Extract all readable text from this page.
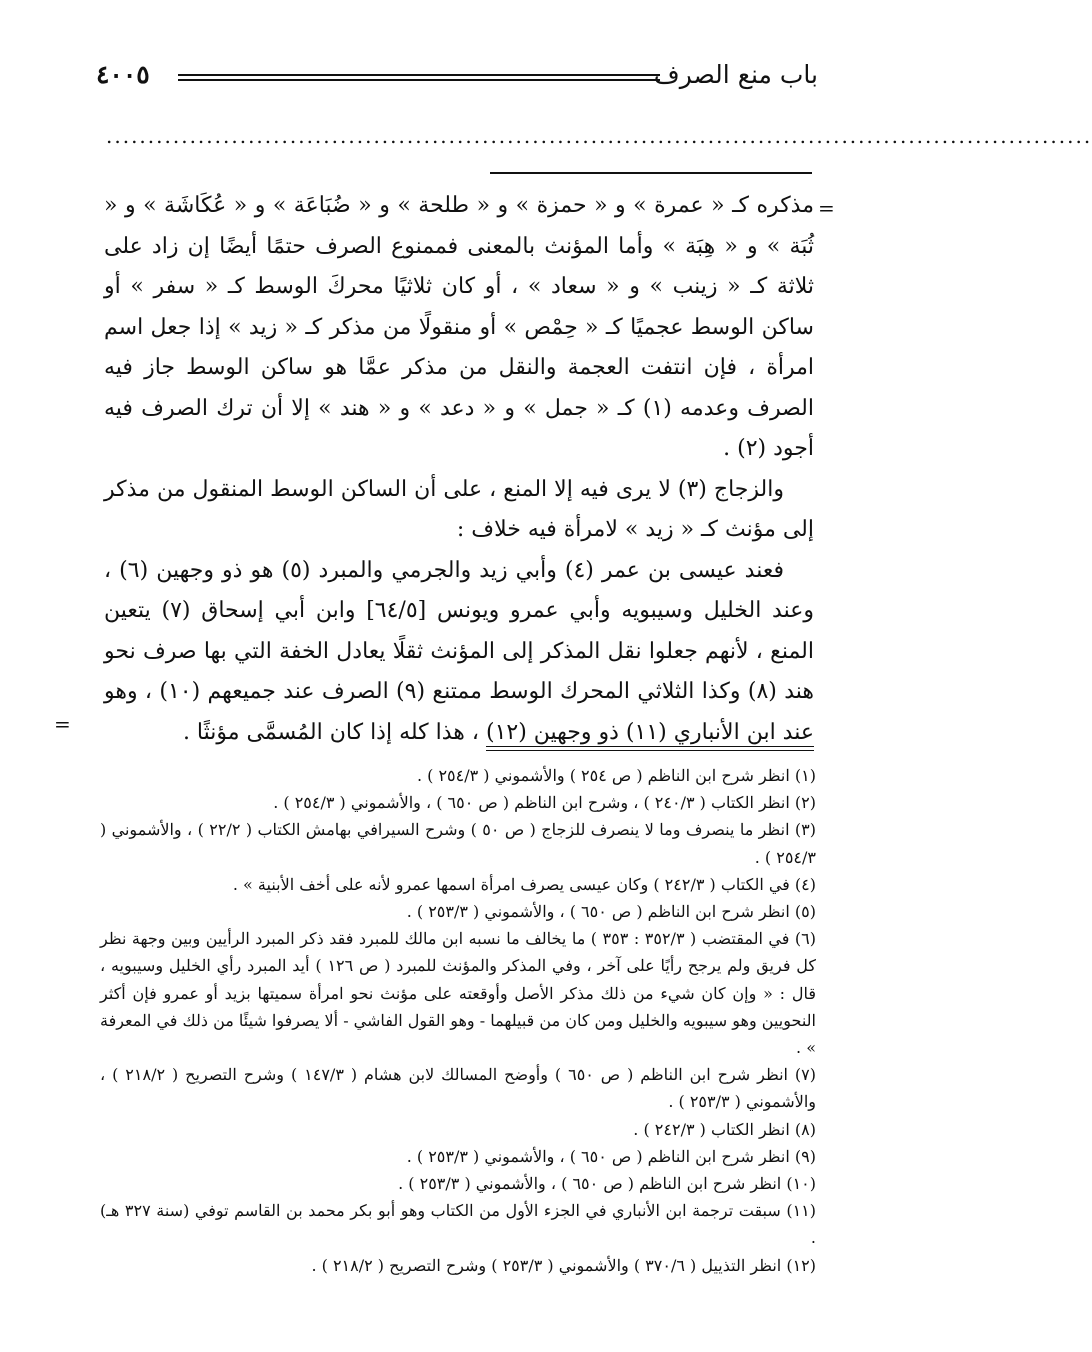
باب منع الصرف
٤٠٠٥
......................................................................................................................
=
=

مذكره كـ « عمرة » و « حمزة » و « طلحة » و « ضُبَاعَة » و « عُكَاشَة » و « ثُبَة » و « هِبَة » وأما المؤنث بالمعنى فممنوع الصرف حتمًا أيضًا إن زاد على ثلاثة كـ « زينب » و « سعاد » ، أو كان ثلاثيًا محركَ الوسط كـ « سفر » أو ساكن الوسط عجميًا كـ « حِمْص » أو منقولًا من مذكر كـ « زيد » إذا جعل اسم امرأة ، فإن انتفت العجمة والنقل من مذكر عمَّا هو ساكن الوسط جاز فيه الصرف وعدمه (١) كـ « جمل » و « دعد » و « هند » إلا أن ترك الصرف فيه أجود (٢) .

والزجاج (٣) لا يرى فيه إلا المنع ، على أن الساكن الوسط المنقول من مذكر إلى مؤنث كـ « زيد » لامرأة فيه خلاف :

فعند عيسى بن عمر (٤) وأبي زيد والجرمي والمبرد (٥) هو ذو وجهين (٦) ، وعند الخليل وسيبويه وأبي عمرو ويونس [٦٤/٥] وابن أبي إسحاق (٧) يتعين المنع ، لأنهم جعلوا نقل المذكر إلى المؤنث ثقلًا يعادل الخفة التي بها صرف نحو هند (٨) وكذا الثلاثي المحرك الوسط ممتنع (٩) الصرف عند جميعهم (١٠) ، وهو عند ابن الأنباري (١١) ذو وجهين (١٢) ، هذا كله إذا كان المُسمَّى مؤنثًا .

(١) انظر شرح ابن الناظم ( ص ٢٥٤ ) والأشموني ( ٢٥٤/٣ ) .

(٢) انظر الكتاب ( ٢٤٠/٣ ) ، وشرح ابن الناظم ( ص ٦٥٠ ) ، والأشموني ( ٢٥٤/٣ ) .

(٣) انظر ما ينصرف وما لا ينصرف للزجاج ( ص ٥٠ ) وشرح السيرافي بهامش الكتاب ( ٢٢/٢ ) ، والأشموني ( ٢٥٤/٣ ) .

(٤) في الكتاب ( ٢٤٢/٣ ) وكان عيسى يصرف امرأة اسمها عمرو لأنه على أخف الأبنية » .

(٥) انظر شرح ابن الناظم ( ص ٦٥٠ ) ، والأشموني ( ٢٥٣/٣ ) .

(٦) في المقتضب ( ٣٥٢/٣ : ٣٥٣ ) ما يخالف ما نسبه ابن مالك للمبرد فقد ذكر المبرد الرأيين وبين وجهة نظر كل فريق ولم يرجح رأيًا على آخر ، وفي المذكر والمؤنث للمبرد ( ص ١٢٦ ) أيد المبرد رأي الخليل وسيبويه ، قال : « وإن كان شيء من ذلك مذكر الأصل وأوقعته على مؤنث نحو امرأة سميتها بزيد أو عمرو فإن أكثر النحويين وهو سيبويه والخليل ومن كان من قبيلهما - وهو القول الفاشي - ألا يصرفوا شيئًا من ذلك في المعرفة » .

(٧) انظر شرح ابن الناظم ( ص ٦٥٠ ) وأوضح المسالك لابن هشام ( ١٤٧/٣ ) وشرح التصريح ( ٢١٨/٢ ) ، والأشموني ( ٢٥٣/٣ ) .

(٨) انظر الكتاب ( ٢٤٢/٣ ) .

(٩) انظر شرح ابن الناظم ( ص ٦٥٠ ) ، والأشموني ( ٢٥٣/٣ ) .

(١٠) انظر شرح ابن الناظم ( ص ٦٥٠ ) ، والأشموني ( ٢٥٣/٣ ) .

(١١) سبقت ترجمة ابن الأنباري في الجزء الأول من الكتاب وهو أبو بكر محمد بن القاسم توفي (سنة ٣٢٧ هـ) .

(١٢) انظر التذييل ( ٣٧٠/٦ ) والأشموني ( ٢٥٣/٣ ) وشرح التصريح ( ٢١٨/٢ ) .
